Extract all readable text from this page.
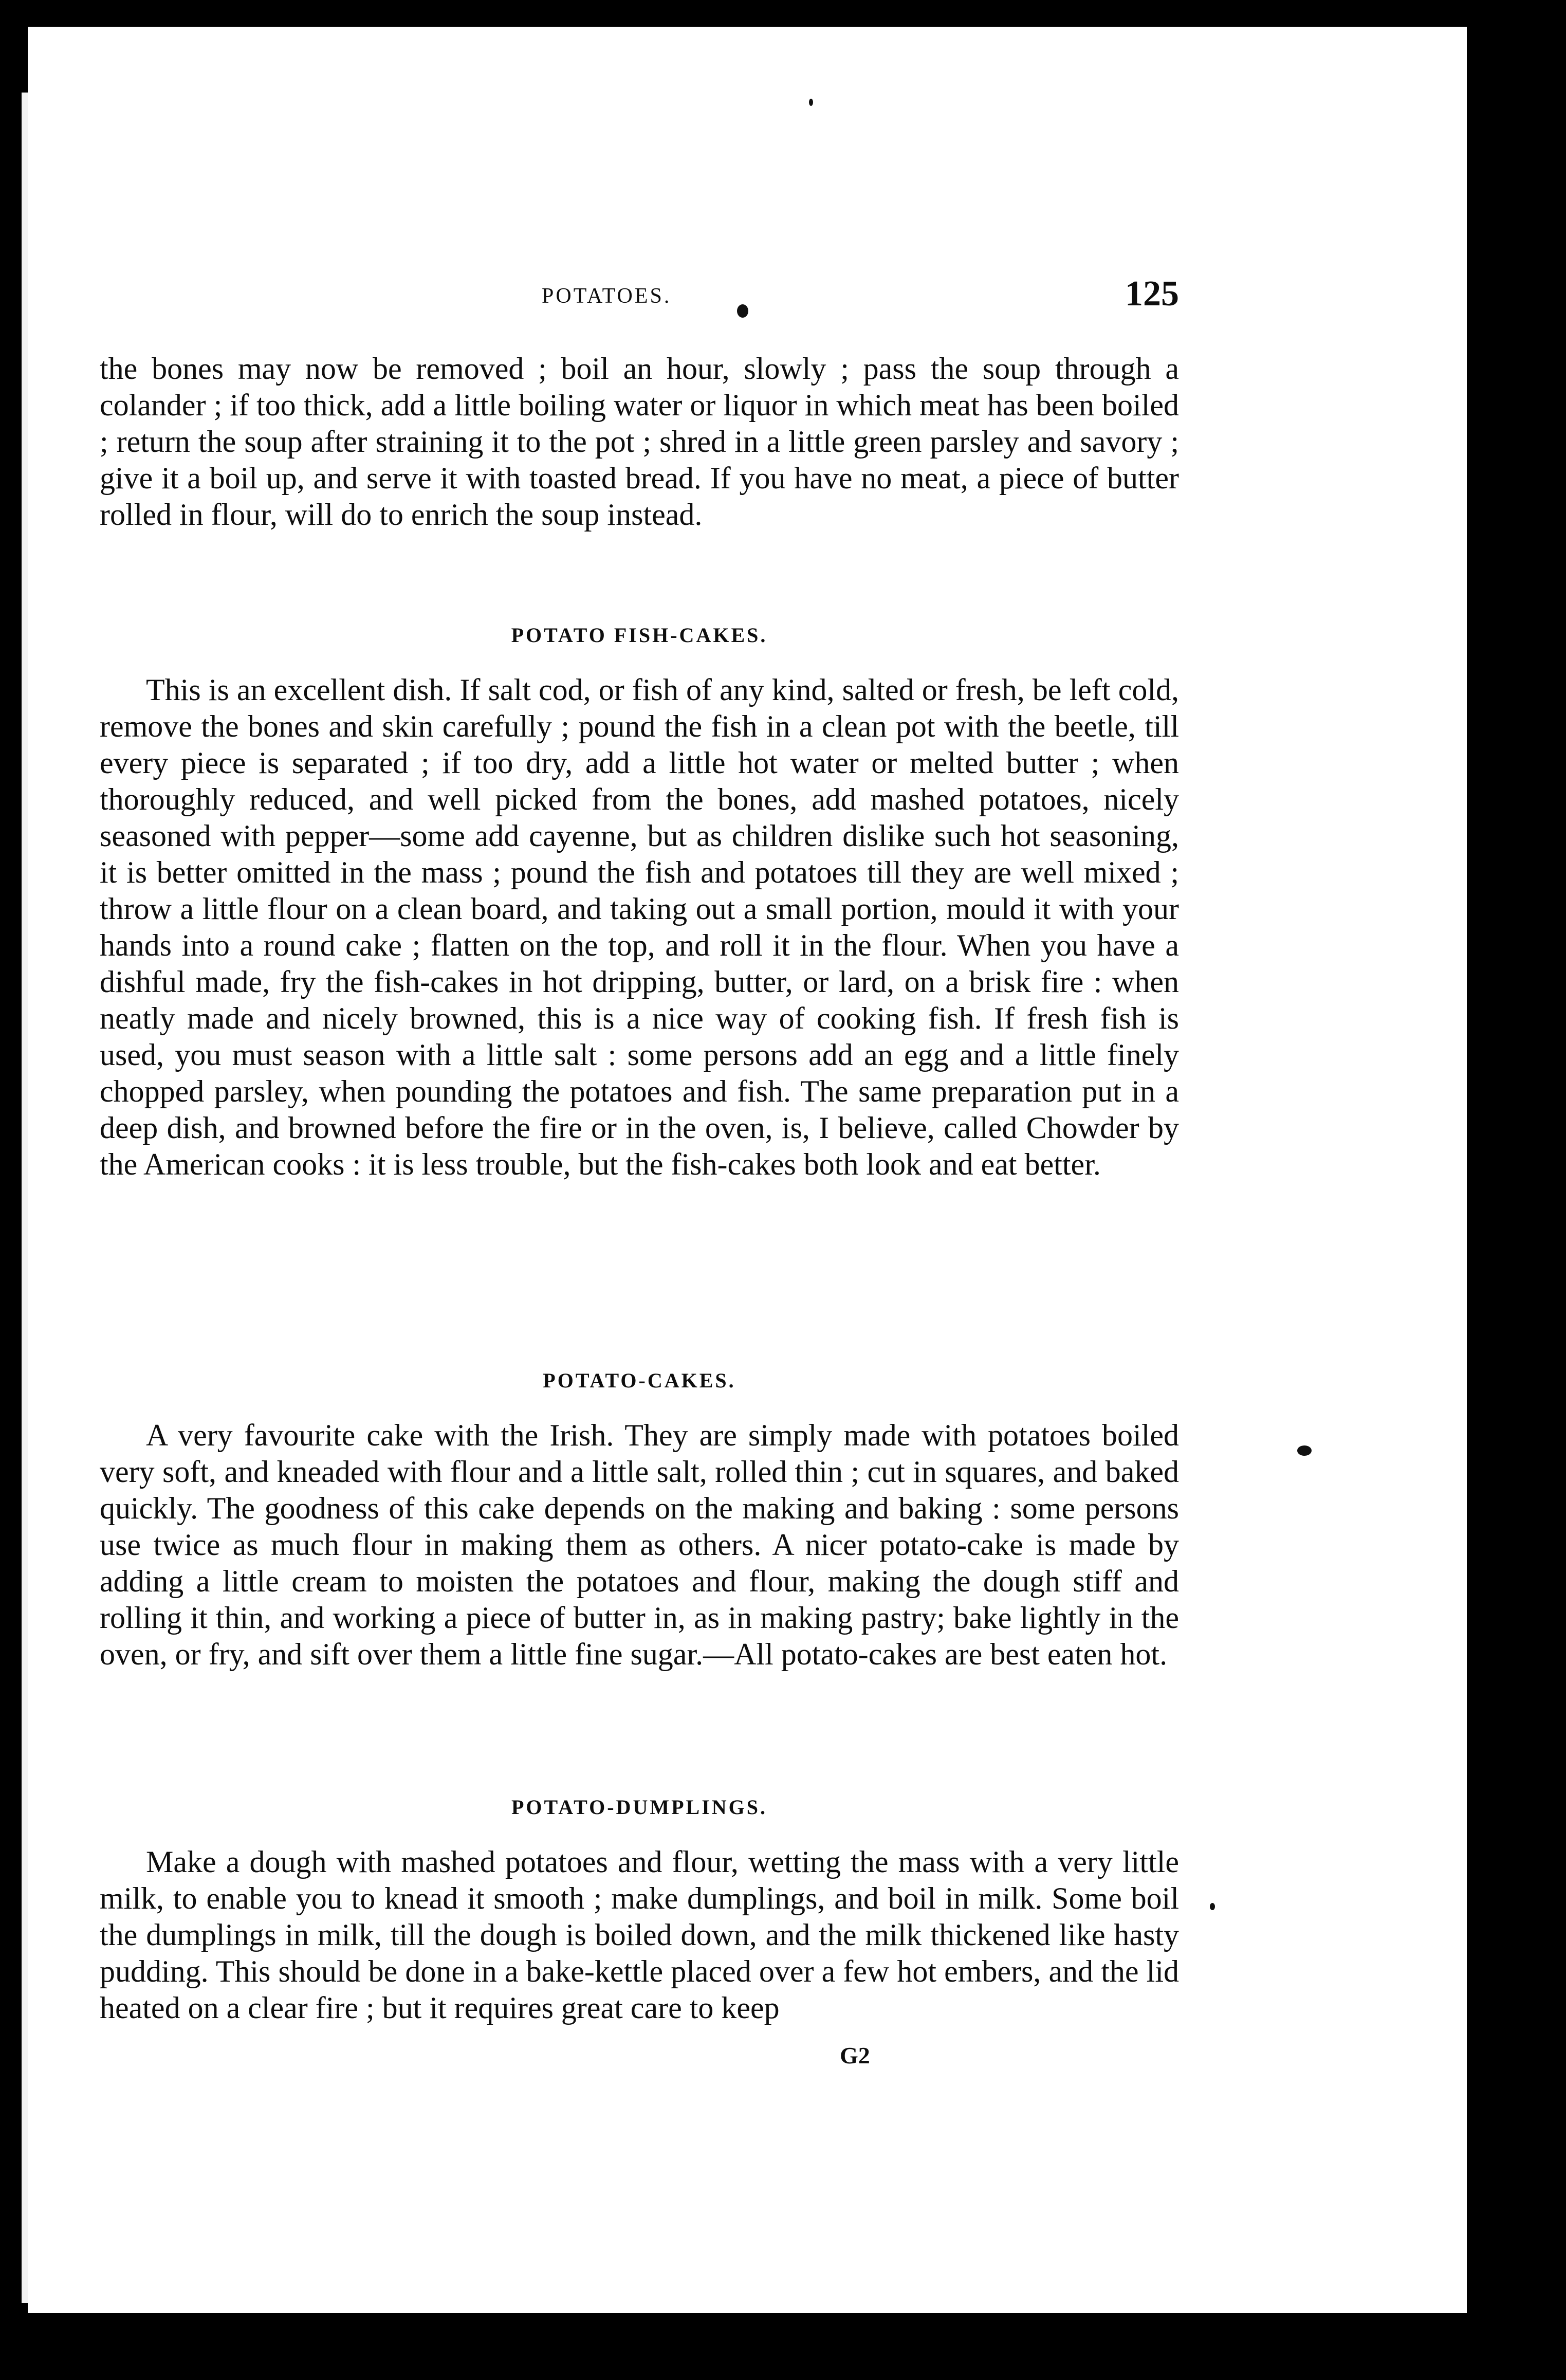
POTATOES.	125

the bones may now be removed ; boil an hour, slowly ; pass the soup through a colander ; if too thick, add a little boiling water or liquor in which meat has been boiled ; return the soup after straining it to the pot ; shred in a little green parsley and savory ; give it a boil up, and serve it with toasted bread. If you have no meat, a piece of butter rolled in flour, will do to enrich the soup instead.

POTATO FISH-CAKES.

This is an excellent dish. If salt cod, or fish of any kind, salted or fresh, be left cold, remove the bones and skin carefully ; pound the fish in a clean pot with the beetle, till every piece is separated ; if too dry, add a little hot water or melted butter ; when thoroughly reduced, and well picked from the bones, add mashed potatoes, nicely seasoned with pepper—some add cayenne, but as children dislike such hot seasoning, it is better omitted in the mass ; pound the fish and potatoes till they are well mixed ; throw a little flour on a clean board, and taking out a small portion, mould it with your hands into a round cake ; flatten on the top, and roll it in the flour. When you have a dishful made, fry the fish-cakes in hot dripping, butter, or lard, on a brisk fire : when neatly made and nicely browned, this is a nice way of cooking fish. If fresh fish is used, you must season with a little salt : some persons add an egg and a little finely chopped parsley, when pounding the potatoes and fish. The same preparation put in a deep dish, and browned before the fire or in the oven, is, I believe, called Chowder by the American cooks : it is less trouble, but the fish-cakes both look and eat better.

POTATO-CAKES.

A very favourite cake with the Irish. They are simply made with potatoes boiled very soft, and kneaded with flour and a little salt, rolled thin ; cut in squares, and baked quickly. The goodness of this cake depends on the making and baking : some persons use twice as much flour in making them as others. A nicer potato-cake is made by adding a little cream to moisten the potatoes and flour, making the dough stiff and rolling it thin, and working a piece of butter in, as in making pastry; bake lightly in the oven, or fry, and sift over them a little fine sugar.—All potato-cakes are best eaten hot.

POTATO-DUMPLINGS.

Make a dough with mashed potatoes and flour, wetting the mass with a very little milk, to enable you to knead it smooth ; make dumplings, and boil in milk. Some boil the dumplings in milk, till the dough is boiled down, and the milk thickened like hasty pudding. This should be done in a bake-kettle placed over a few hot embers, and the lid heated on a clear fire ; but it requires great care to keep

G2
